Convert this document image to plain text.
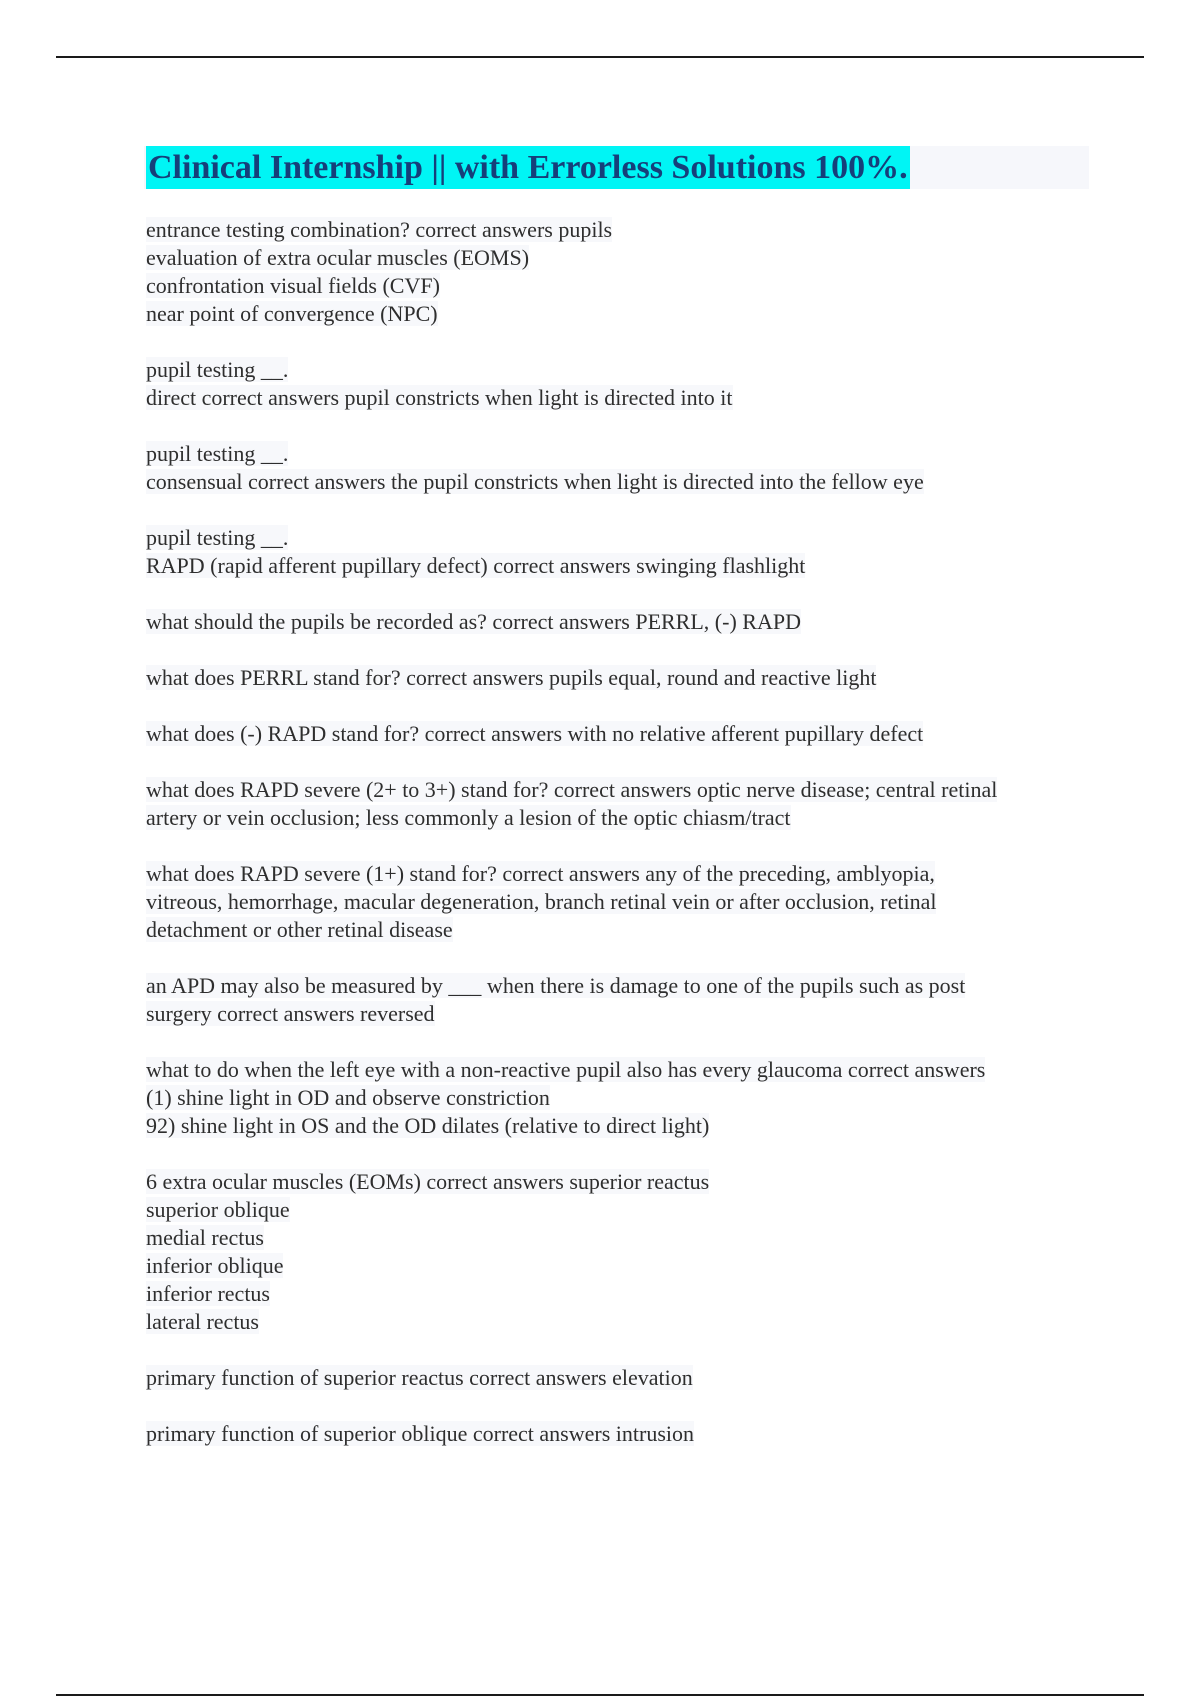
Clinical Internship || with Errorless Solutions 100%.
entrance testing combination? correct answers pupils
evaluation of extra ocular muscles (EOMS)
confrontation visual fields (CVF)
near point of convergence (NPC)
pupil testing __.
direct correct answers pupil constricts when light is directed into it
pupil testing __.
consensual correct answers the pupil constricts when light is directed into the fellow eye
pupil testing __.
RAPD (rapid afferent pupillary defect) correct answers swinging flashlight
what should the pupils be recorded as? correct answers PERRL, (-) RAPD
what does PERRL stand for? correct answers pupils equal, round and reactive light
what does (-) RAPD stand for? correct answers with no relative afferent pupillary defect
what does RAPD severe (2+ to 3+) stand for? correct answers optic nerve disease; central retinal
artery or vein occlusion; less commonly a lesion of the optic chiasm/tract
what does RAPD severe (1+) stand for? correct answers any of the preceding, amblyopia,
vitreous, hemorrhage, macular degeneration, branch retinal vein or after occlusion, retinal
detachment or other retinal disease
an APD may also be measured by ___ when there is damage to one of the pupils such as post
surgery correct answers reversed
what to do when the left eye with a non-reactive pupil also has every glaucoma correct answers
(1) shine light in OD and observe constriction
92) shine light in OS and the OD dilates (relative to direct light)
6 extra ocular muscles (EOMs) correct answers superior reactus
superior oblique
medial rectus
inferior oblique
inferior rectus
lateral rectus
primary function of superior reactus correct answers elevation
primary function of superior oblique correct answers intrusion
